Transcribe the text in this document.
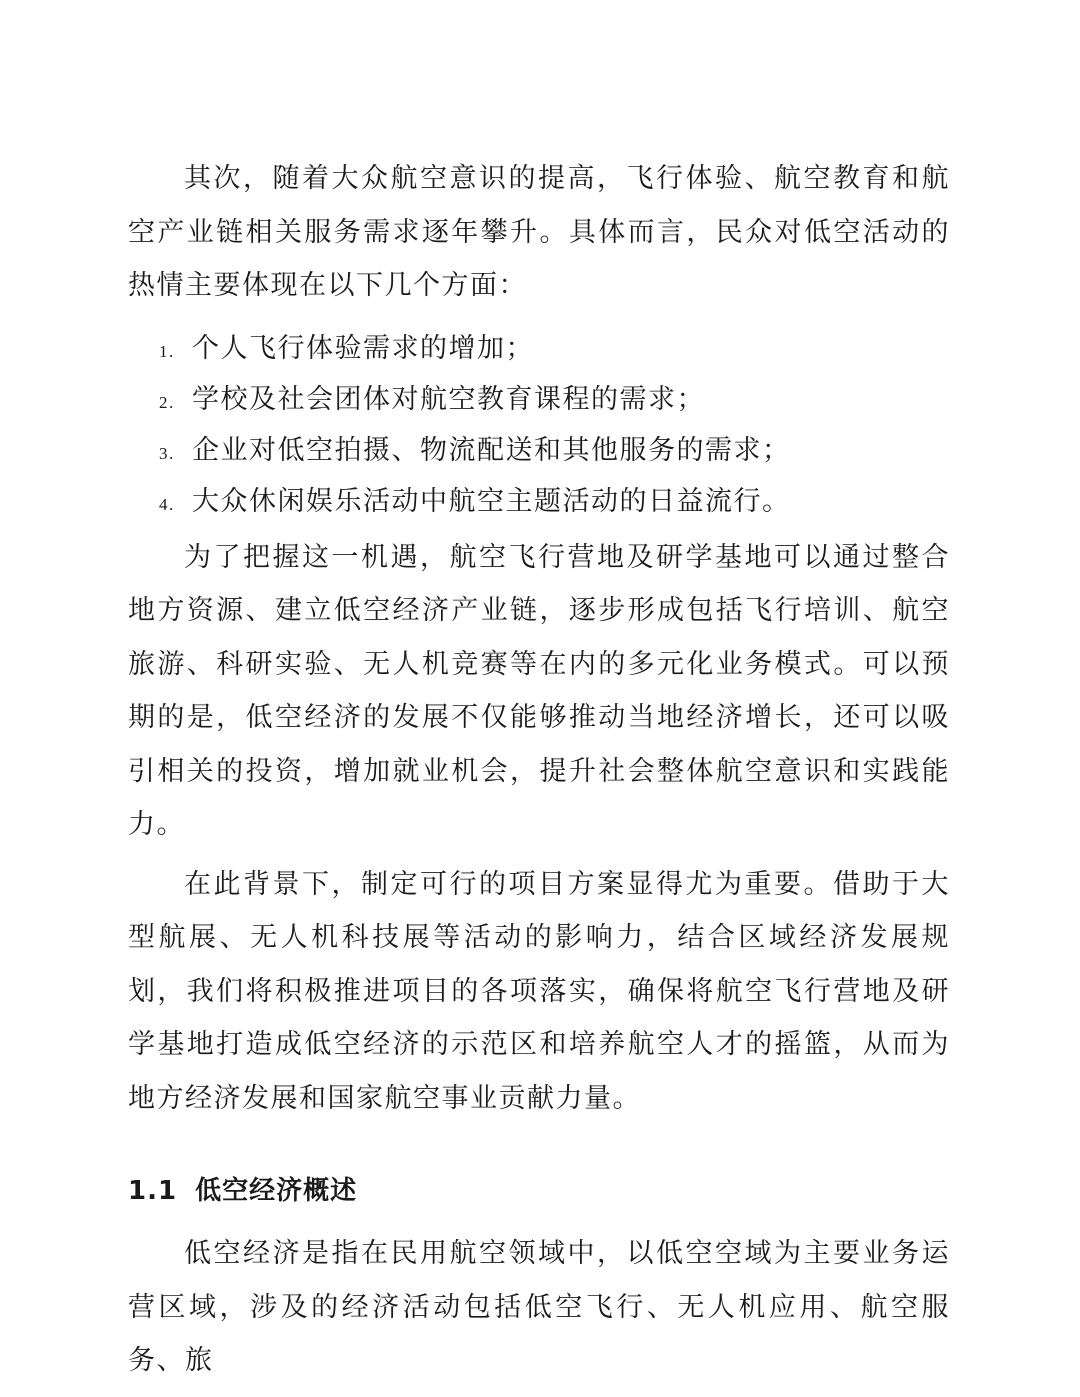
其次，随着大众航空意识的提高，飞行体验、航空教育和航空产业链相关服务需求逐年攀升。具体而言，民众对低空活动的热情主要体现在以下几个方面：

1. 个人飞行体验需求的增加；
2. 学校及社会团体对航空教育课程的需求；
3. 企业对低空拍摄、物流配送和其他服务的需求；
4. 大众休闲娱乐活动中航空主题活动的日益流行。

为了把握这一机遇，航空飞行营地及研学基地可以通过整合地方资源、建立低空经济产业链，逐步形成包括飞行培训、航空旅游、科研实验、无人机竞赛等在内的多元化业务模式。可以预期的是，低空经济的发展不仅能够推动当地经济增长，还可以吸引相关的投资，增加就业机会，提升社会整体航空意识和实践能力。

在此背景下，制定可行的项目方案显得尤为重要。借助于大型航展、无人机科技展等活动的影响力，结合区域经济发展规划，我们将积极推进项目的各项落实，确保将航空飞行营地及研学基地打造成低空经济的示范区和培养航空人才的摇篮，从而为地方经济发展和国家航空事业贡献力量。

1.1 低空经济概述

低空经济是指在民用航空领域中，以低空空域为主要业务运营区域，涉及的经济活动包括低空飞行、无人机应用、航空服务、旅
